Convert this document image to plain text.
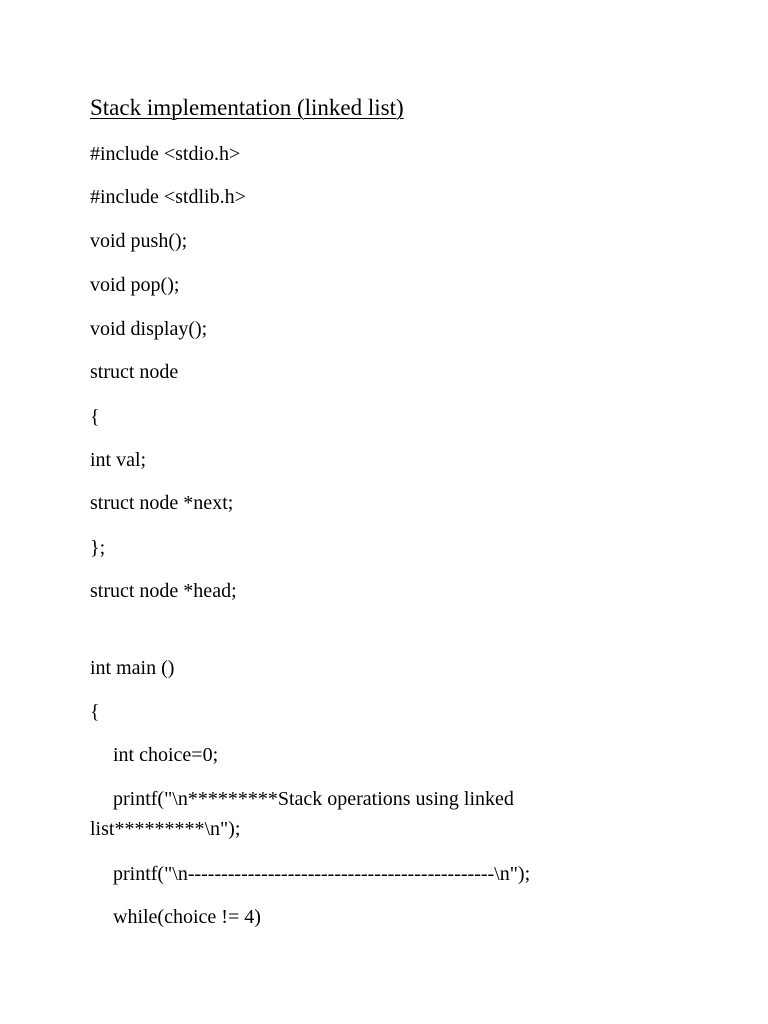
Stack implementation (linked list)
#include <stdio.h>
#include <stdlib.h>
void push();
void pop();
void display();
struct node
{
int val;
struct node *next;
};
struct node *head;
int main ()
{
int choice=0;
printf("\n*********Stack operations using linked
list*********\n");
printf("\n----------------------------------------------\n");
while(choice != 4)
